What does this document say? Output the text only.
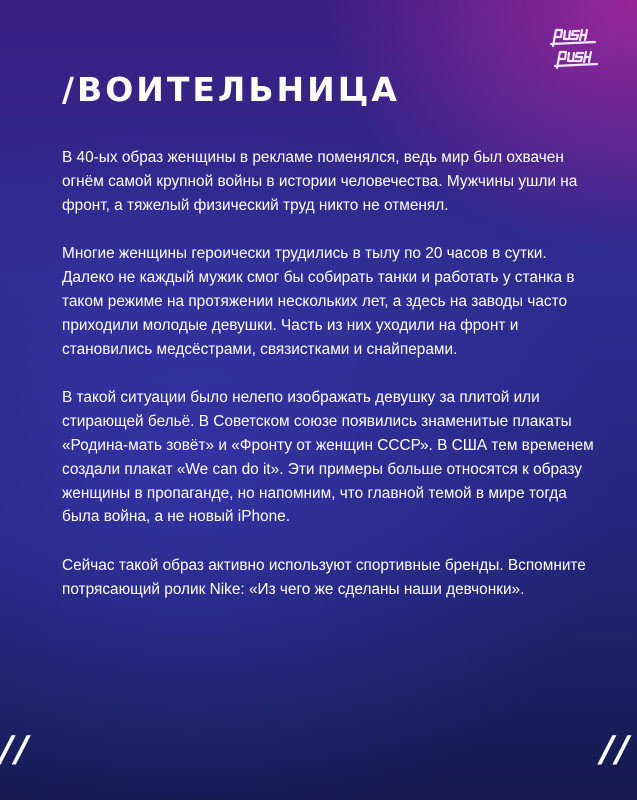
/ВОИТЕЛЬНИЦА

В 40-ых образ женщины в рекламе поменялся, ведь мир был охвачен огнём самой крупной войны в истории человечества. Мужчины ушли на фронт, а тяжелый физический труд никто не отменял.

Многие женщины героически трудились в тылу по 20 часов в сутки. Далеко не каждый мужик смог бы собирать танки и работать у станка в таком режиме на протяжении нескольких лет, а здесь на заводы часто приходили молодые девушки. Часть из них уходили на фронт и становились медсёстрами, связистками и снайперами.

В такой ситуации было нелепо изображать девушку за плитой или стирающей бельё. В Советском союзе появились знаменитые плакаты «Родина-мать зовёт» и «Фронту от женщин СССР». В США тем временем создали плакат «We can do it». Эти примеры больше относятся к образу женщины в пропаганде, но напомним, что главной темой в мире тогда была война, а не новый iPhone.

Сейчас такой образ активно используют спортивные бренды. Вспомните потрясающий ролик Nike: «Из чего же сделаны наши девчонки».

//	//
